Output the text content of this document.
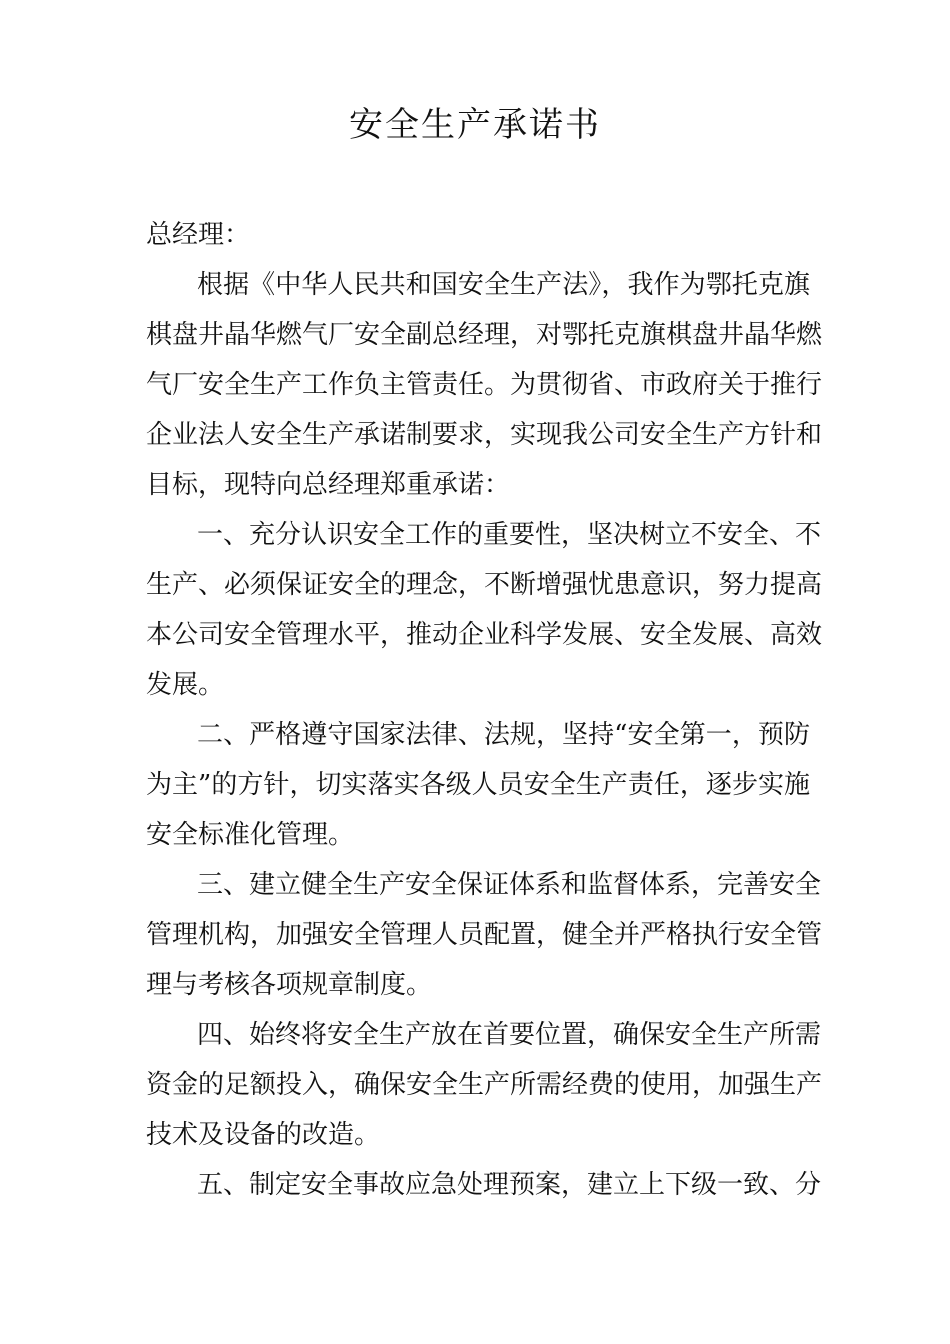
安全生产承诺书
总经理：
根据《中华人民共和国安全生产法》，我作为鄂托克旗
棋盘井晶华燃气厂安全副总经理，对鄂托克旗棋盘井晶华燃
气厂安全生产工作负主管责任。为贯彻省、市政府关于推行
企业法人安全生产承诺制要求，实现我公司安全生产方针和
目标，现特向总经理郑重承诺：
一、充分认识安全工作的重要性，坚决树立不安全、不
生产、必须保证安全的理念，不断增强忧患意识，努力提高
本公司安全管理水平，推动企业科学发展、安全发展、高效
发展。
二、严格遵守国家法律、法规，坚持“安全第一，预防
为主”的方针，切实落实各级人员安全生产责任，逐步实施
安全标准化管理。
三、建立健全生产安全保证体系和监督体系，完善安全
管理机构，加强安全管理人员配置，健全并严格执行安全管
理与考核各项规章制度。
四、始终将安全生产放在首要位置，确保安全生产所需
资金的足额投入，确保安全生产所需经费的使用，加强生产
技术及设备的改造。
五、制定安全事故应急处理预案，建立上下级一致、分
